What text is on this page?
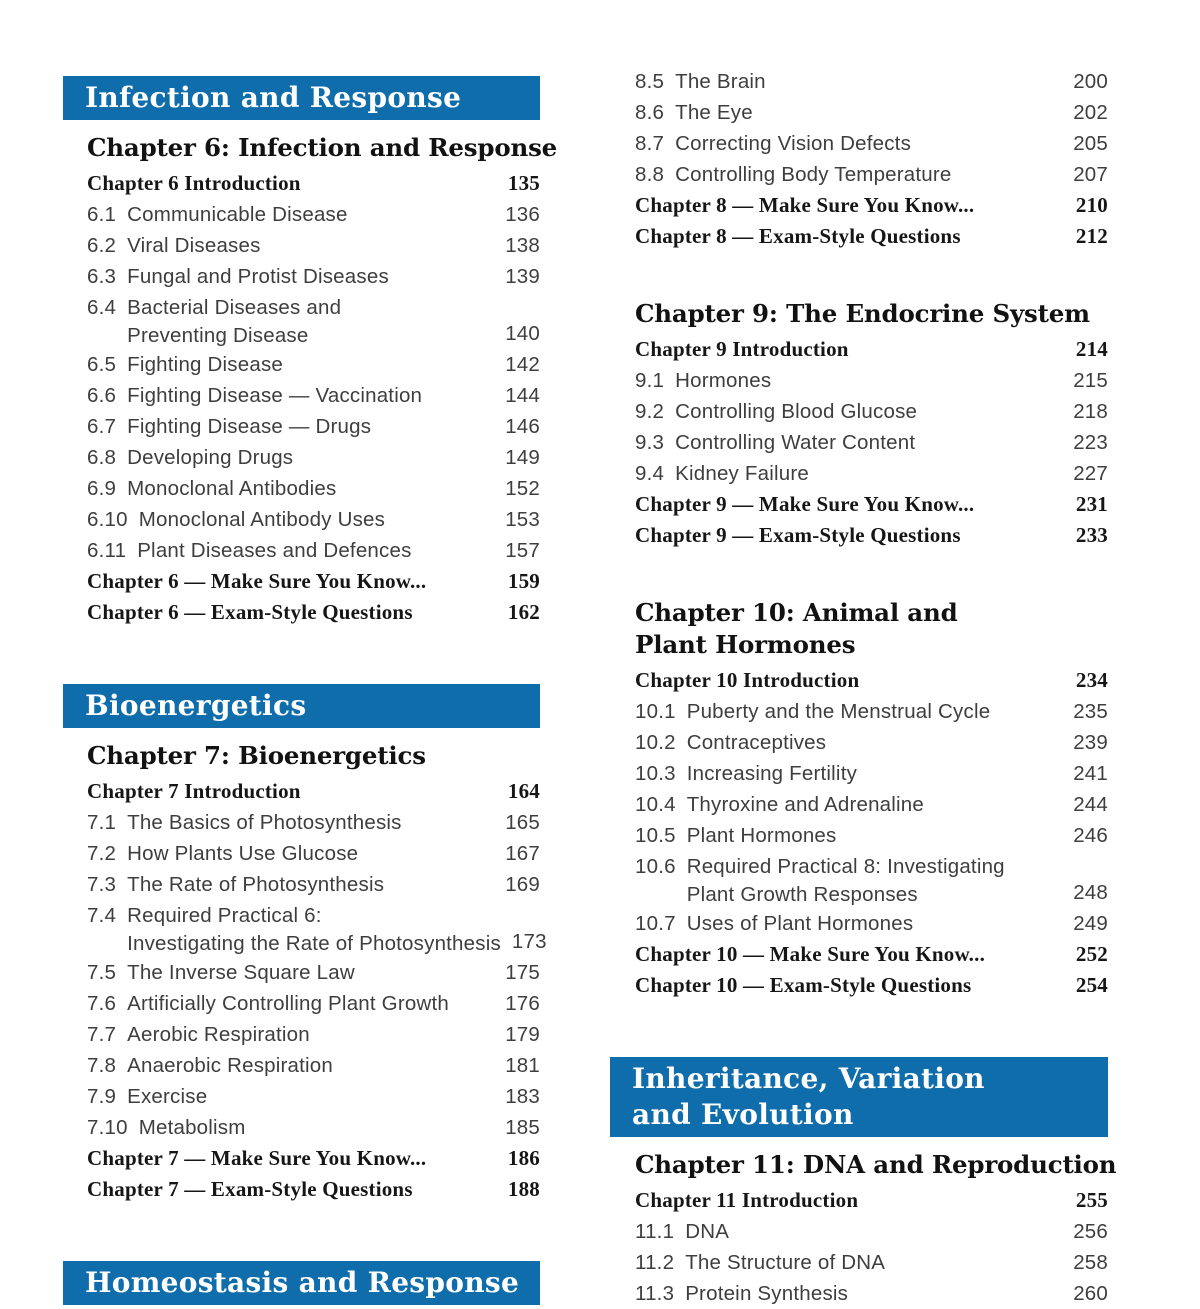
Infection and Response
Chapter 6: Infection and Response
Chapter 6 Introduction	135
6.1 Communicable Disease	136
6.2 Viral Diseases	138
6.3 Fungal and Protist Diseases	139
6.4 Bacterial Diseases and
Preventing Disease	140
6.5 Fighting Disease	142
6.6 Fighting Disease — Vaccination	144
6.7 Fighting Disease — Drugs	146
6.8 Developing Drugs	149
6.9 Monoclonal Antibodies	152
6.10 Monoclonal Antibody Uses	153
6.11 Plant Diseases and Defences	157
Chapter 6 — Make Sure You Know...	159
Chapter 6 — Exam-Style Questions	162
Bioenergetics
Chapter 7: Bioenergetics
Chapter 7 Introduction	164
7.1 The Basics of Photosynthesis	165
7.2 How Plants Use Glucose	167
7.3 The Rate of Photosynthesis	169
7.4 Required Practical 6:
Investigating the Rate of Photosynthesis 173
7.5 The Inverse Square Law	175
7.6 Artificially Controlling Plant Growth	176
7.7 Aerobic Respiration	179
7.8 Anaerobic Respiration	181
7.9 Exercise	183
7.10 Metabolism	185
Chapter 7 — Make Sure You Know...	186
Chapter 7 — Exam-Style Questions	188
Homeostasis and Response
8.5 The Brain	200
8.6 The Eye	202
8.7 Correcting Vision Defects	205
8.8 Controlling Body Temperature	207
Chapter 8 — Make Sure You Know...	210
Chapter 8 — Exam-Style Questions	212
Chapter 9: The Endocrine System
Chapter 9 Introduction	214
9.1 Hormones	215
9.2 Controlling Blood Glucose	218
9.3 Controlling Water Content	223
9.4 Kidney Failure	227
Chapter 9 — Make Sure You Know...	231
Chapter 9 — Exam-Style Questions	233
Chapter 10: Animal and
Plant Hormones
Chapter 10 Introduction	234
10.1 Puberty and the Menstrual Cycle	235
10.2 Contraceptives	239
10.3 Increasing Fertility	241
10.4 Thyroxine and Adrenaline	244
10.5 Plant Hormones	246
10.6 Required Practical 8: Investigating
Plant Growth Responses	248
10.7 Uses of Plant Hormones	249
Chapter 10 — Make Sure You Know...	252
Chapter 10 — Exam-Style Questions	254
Inheritance, Variation
and Evolution
Chapter 11: DNA and Reproduction
Chapter 11 Introduction	255
11.1 DNA	256
11.2 The Structure of DNA	258
11.3 Protein Synthesis	260
